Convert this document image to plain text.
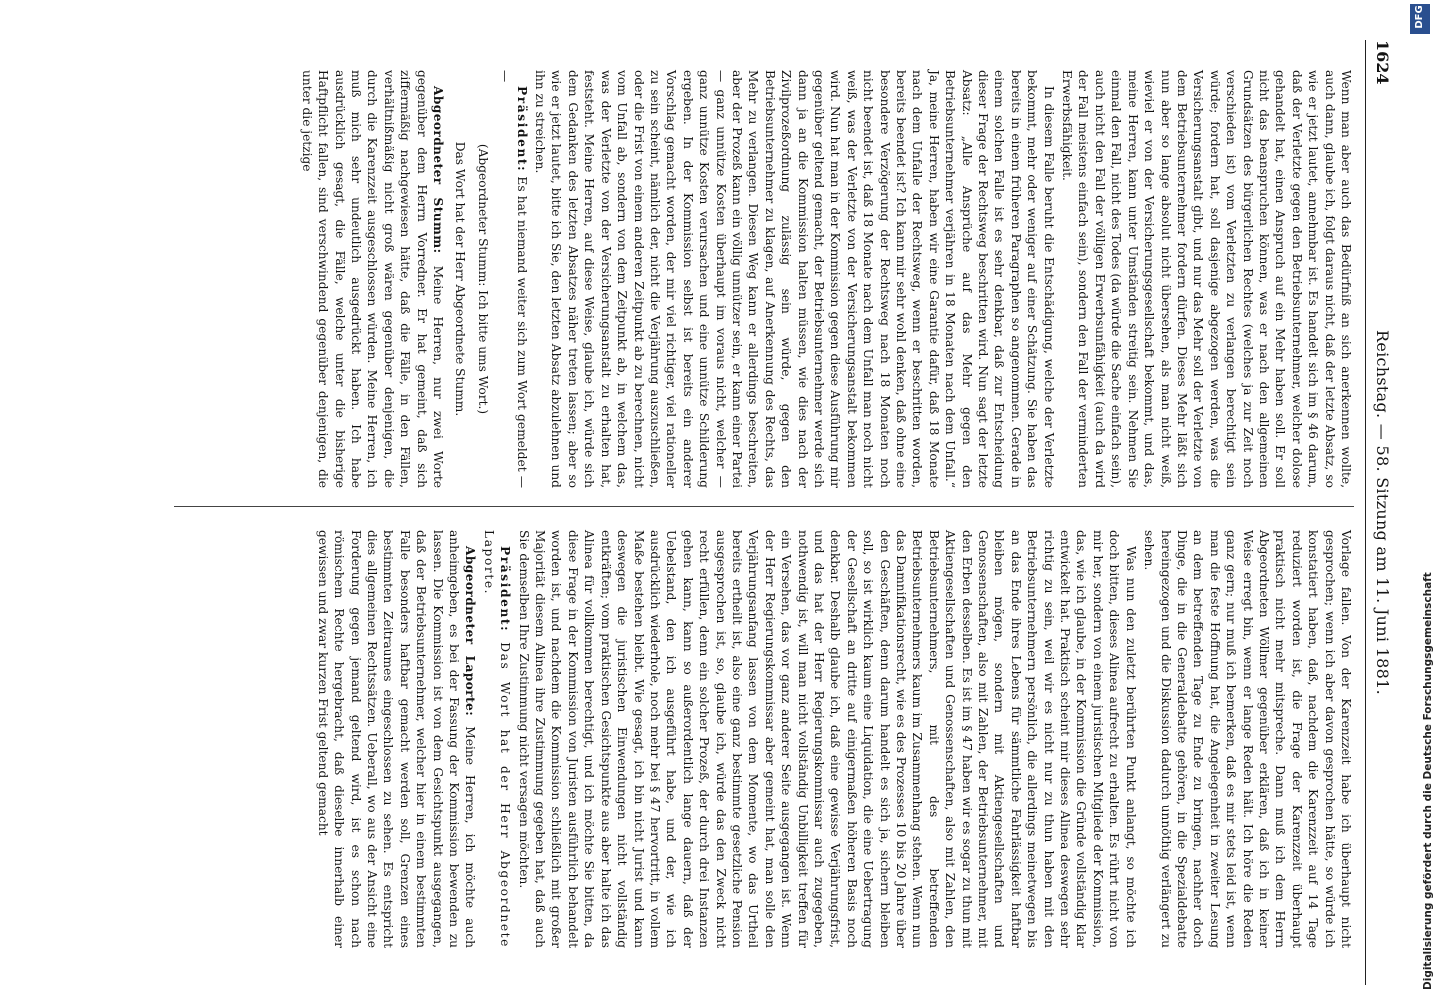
1624
Reichstag. — 58. Sitzung am 11. Juni 1881.

Wenn man aber auch das Bedürfniß an sich anerkennen wollte, auch dann, glaube ich, folgt daraus nicht, daß der letzte Absatz, so wie er jetzt lautet, annehmbar ist. Es handelt sich im § 46 darum, daß der Verletzte gegen den Betriebsunternehmer, welcher dolose gehandelt hat, einen Anspruch auf ein Mehr haben soll. Er soll nicht das beanspruchen können, was er nach den allgemeinen Grundsätzen des bürgerlichen Rechtes (welches ja zur Zeit noch verschieden ist) vom Verletzten zu verlangen berechtigt sein würde; fordern hat, soll dasjenige abgezogen werden, was die Versicherungsanstalt gibt, und nur das Mehr soll der Verletzte von dem Betriebsunternehmer fordern dürfen. Dieses Mehr läßt sich nun aber so lange absolut nicht übersehen, als man nicht weiß, wieviel er von der Versicherungsgesellschaft bekommt, und das, meine Herren, kann unter Umständen streitig sein. Nehmen Sie einmal den Fall, nicht des Todes (da würde die Sache einfach sein), auch nicht den Fall der völligen Erwerbsunfähigkeit (auch da wird der Fall meistens einfach sein), sondern den Fall der verminderten Erwerbsfähigkeit.

In diesem Falle beruht die Entschädigung, welche der Verletzte bekommt, mehr oder weniger auf einer Schätzung. Sie haben das bereits in einem früheren Paragraphen so angenommen. Gerade in einem solchen Falle ist es sehr denkbar, daß zur Entscheidung dieser Frage der Rechtsweg beschritten wird. Nun sagt der letzte Absatz: „Alle Ansprüche auf das Mehr gegen den Betriebsunternehmer verjähren in 18 Monaten nach dem Unfall.“ Ja, meine Herren, haben wir eine Garantie dafür, daß 18 Monate nach dem Unfalle der Rechtsweg, wenn er beschritten worden, bereits beendet ist? Ich kann mir sehr wohl denken, daß ohne eine besondere Verzögerung der Rechtsweg nach 18 Monaten noch nicht beendet ist, daß 18 Monate nach dem Unfall man noch nicht weiß, was der Verletzte von der Versicherungsanstalt bekommen wird. Nun hat man in der Kommission gegen diese Ausführung mir gegenüber geltend gemacht, der Betriebsunternehmer werde sich dann ja an die Kommission halten müssen, wie dies nach der Zivilprozeßordnung zulässig sein würde, gegen den Betriebsunternehmer zu klagen, auf Anerkennung des Rechts, das Mehr zu verlangen. Diesen Weg kann er allerdings beschreiten, aber der Prozeß kann ein völlig unnützer sein, er kann einer Partei — ganz unnütze Kosten überhaupt im voraus nicht, welcher — ganz unnütze Kosten verursachen und eine unnütze Schilderung ergeben. In der Kommission selbst ist bereits ein anderer Vorschlag gemacht worden, der mir viel richtiger, viel rationeller zu sein scheint, nämlich der, nicht die Verjährung auszuschließen, oder die Frist von einem anderen Zeitpunkt ab zu berechnen, nicht vom Unfall ab, sondern von dem Zeitpunkt ab, in welchem das, was der Verletzte von der Versicherungsanstalt zu erhalten hat, feststeht. Meine Herren, auf diese Weise, glaube ich, würde sich dem Gedanken des letzten Absatzes näher treten lassen; aber so wie er jetzt lautet, bitte ich Sie, den letzten Absatz abzulehnen und ihn zu streichen.

Präsident: Es hat niemand weiter sich zum Wort gemeldet — —

(Abgeordneter Stumm: Ich bitte ums Wort.)

Das Wort hat der Herr Abgeordnete Stumm.

Abgeordneter Stumm: Meine Herren, nur zwei Worte gegenüber dem Herrn Vorredner. Er hat gemeint, daß sich ziffermäßig nachgewiesen hätte, daß die Fälle, in den Fällen, verhältnißmäßig nicht groß wären gegenüber denjenigen, die durch die Karenzzeit ausgeschlossen würden. Meine Herren, ich muß mich sehr undeutlich ausgedrückt haben. Ich habe ausdrücklich gesagt, die Fälle, welche unter die bisherige Haftpflicht fallen, sind verschwindend gegenüber denjenigen, die unter die jetzige

Vorlage fallen. Von der Karenzzeit habe ich überhaupt nicht gesprochen; wenn ich aber davon gesprochen hätte, so würde ich konstatiert haben, daß, nachdem die Karenzzeit auf 14 Tage reduziert worden ist, die Frage der Karenzzeit überhaupt praktisch nicht mehr mitspreche. Dann muß ich dem Herrn Abgeordneten Wöllmer gegenüber erklären, daß ich in keiner Weise erregt bin, wenn er lange Reden hält. Ich höre die Reden ganz gern; nur muß ich bemerken, daß es mir stets leid ist, wenn man die feste Hoffnung hat, die Angelegenheit in zweiter Lesung an dem betreffenden Tage zu Ende zu bringen, nachher doch Dinge, die in die Generaldebatte gehören, in die Spezialdebatte hereingezogen und die Diskussion dadurch unnöthig verlängert zu sehen.

Was nun den zuletzt berührten Punkt anlangt, so möchte ich doch bitten, dieses Alinea aufrecht zu erhalten. Es rührt nicht von mir her, sondern von einem juristischen Mitgliede der Kommission, das, wie ich glaube, in der Kommission die Gründe vollständig klar entwickelt hat. Praktisch scheint mir dieses Alinea deswegen sehr richtig zu sein, weil wir es nicht nur zu thun haben mit den Betriebsunternehmern persönlich, die allerdings meinetwegen bis an das Ende ihres Lebens für sämmtliche Fahrlässigkeit haftbar bleiben mögen, sondern mit Aktiengesellschaften und Genossenschaften, also mit Zahlen, der Betriebsunternehmer, mit den Erben desselben. Es ist im § 47 haben wir es sogar zu thun mit Aktiengesellschaften und Genossenschaften, also mit Zahlen, den Betriebsunternehmers, mit des betreffenden Betriebsunternehmers kaum im Zusammenhang stehen. Wenn nun das Damnifikationsrecht, wie es des Prozesses 10 bis 20 Jahre über den Geschäften, denn darum handelt es sich ja, sichern bleiben soll, so ist wirklich kaum eine Liquidation, die eine Uebertragung der Gesellschaft an dritte auf einigermaßen höheren Basis noch denkbar. Deshalb glaube ich, daß eine gewisse Verjährungsfrist, und das hat der Herr Regierungskommissar auch zugegeben, nothwendig ist, will man nicht vollständig Unbilligkeit treffen für ein Versehen, das vor ganz anderer Seite ausgegangen ist. Wenn der Herr Regierungskommissar aber gemeint hat, man solle den Verjährungsanfang lassen von dem Momente, wo das Urtheil bereits ertheilt ist, also eine ganz bestimmte gesetzliche Pension ausgesprochen ist, so, glaube ich, würde das den Zweck nicht recht erfüllen, denn ein solcher Prozeß, der durch drei Instanzen gehen kann, kann so außerordentlich lange dauern, daß der Uebelstand, den ich ausgeführt habe, und der, wie ich ausdrücklich wiederhole, noch mehr bei § 47 hervortritt, in vollem Maße bestehen bleibt. Wie gesagt, ich bin nicht Jurist und kann deswegen die juristischen Einwendungen nicht vollständig entkräften; vom praktischen Gesichtspunkte aus aber halte ich das Alinea für vollkommen berechtigt, und ich möchte Sie bitten, da diese Frage in der Kommission von Juristen ausführlich behandelt worden ist, und nachdem die Kommission schließlich mit großer Majorität diesem Alinea ihre Zustimmung gegeben hat, daß auch Sie demselben Ihre Zustimmung nicht versagen möchten.

Präsident: Das Wort hat der Herr Abgeordnete Laporte.

Abgeordneter Laporte: Meine Herren, ich möchte auch anheimgeben, es bei der Fassung der Kommission bewenden zu lassen. Die Kommission ist von dem Gesichtspunkt ausgegangen, daß der Betriebsunternehmer, welcher hier in einem bestimmten Falle besonders haftbar gemacht werden soll, Grenzen eines bestimmten Zeitraumes eingeschlossen zu sehen. Es entspricht dies allgemeinen Rechtssätzen. Ueberall, wo aus der Ansicht eine Forderung gegen jemand geltend wird, ist es schon nach römischem Rechte hergebracht, daß dieselbe innerhalb einer gewissen und zwar kurzen Frist geltend gemacht	Digitalisierung gefördert durch die Deutsche Forschungsgemeinschaft
DFG
